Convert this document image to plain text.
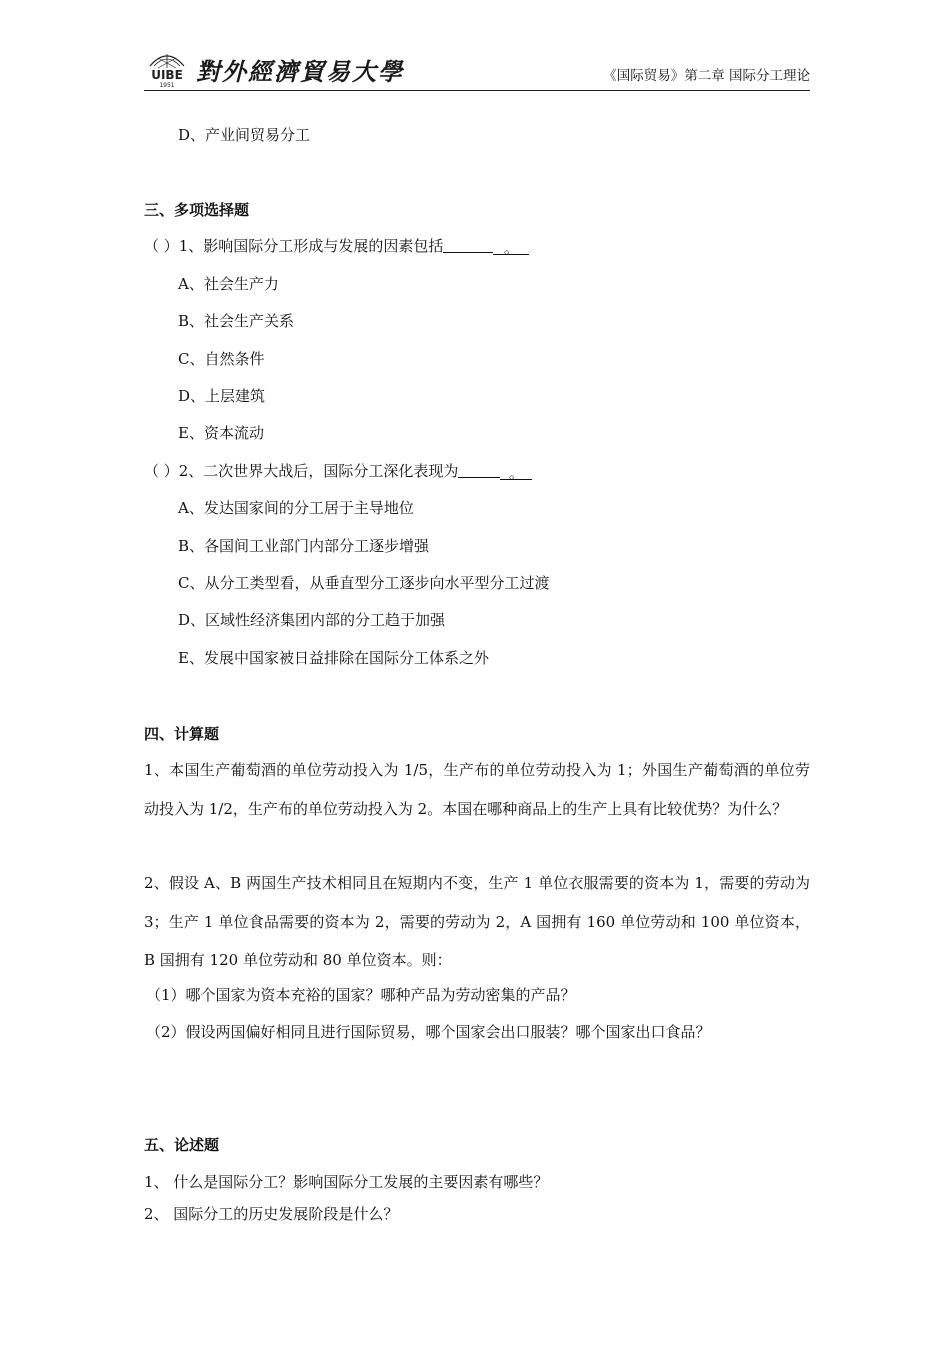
UIBE
1951 對外經濟貿易大學	《国际贸易》第二章 国际分工理论
D、产业间贸易分工
三、多项选择题
（ ）1、影响国际分工形成与发展的因素包括	。
A、社会生产力
B、社会生产关系
C、自然条件
D、上层建筑
E、资本流动
（ ）2、二次世界大战后，国际分工深化表现为	。
A、发达国家间的分工居于主导地位
B、各国间工业部门内部分工逐步增强
C、从分工类型看，从垂直型分工逐步向水平型分工过渡
D、区域性经济集团内部的分工趋于加强
E、发展中国家被日益排除在国际分工体系之外
四、计算题
1、本国生产葡萄酒的单位劳动投入为 1/5，生产布的单位劳动投入为 1；外国生产葡萄酒的单位劳动投入为 1/2，生产布的单位劳动投入为 2。本国在哪种商品上的生产上具有比较优势？为什么？
2、假设 A、B 两国生产技术相同且在短期内不变，生产 1 单位衣服需要的资本为 1，需要的劳动为 3；生产 1 单位食品需要的资本为 2，需要的劳动为 2，A 国拥有 160 单位劳动和 100 单位资本，B 国拥有 120 单位劳动和 80 单位资本。则：
（1）哪个国家为资本充裕的国家？哪种产品为劳动密集的产品？
（2）假设两国偏好相同且进行国际贸易，哪个国家会出口服装？哪个国家出口食品？
五、论述题
1、 什么是国际分工？影响国际分工发展的主要因素有哪些？
2、 国际分工的历史发展阶段是什么？
